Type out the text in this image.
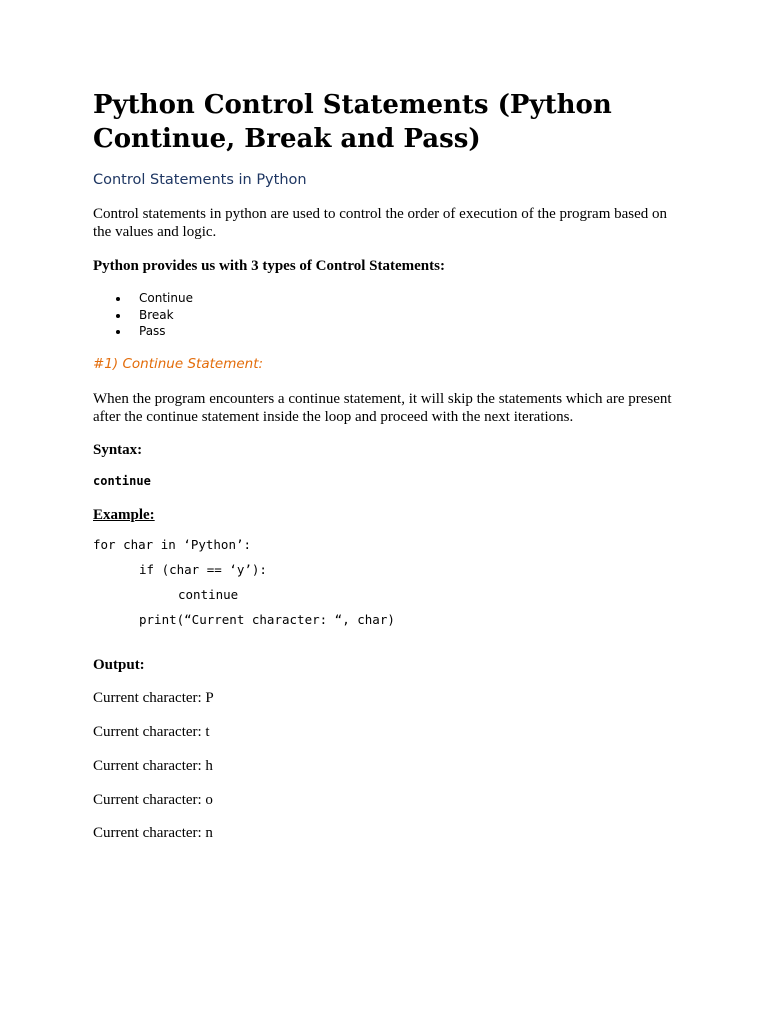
Python Control Statements (Python Continue, Break and Pass)
Control Statements in Python

Control statements in python are used to control the order of execution of the program based on the values and logic.

Python provides us with 3 types of Control Statements:

Continue
Break
Pass
#1) Continue Statement:

When the program encounters a continue statement, it will skip the statements which are present after the continue statement inside the loop and proceed with the next iterations.

Syntax:

continue

Example:

for char in ‘Python’:

if (char == ‘y’):

continue

print(“Current character: “, char)

Output:

Current character: P

Current character: t

Current character: h

Current character: o

Current character: n
